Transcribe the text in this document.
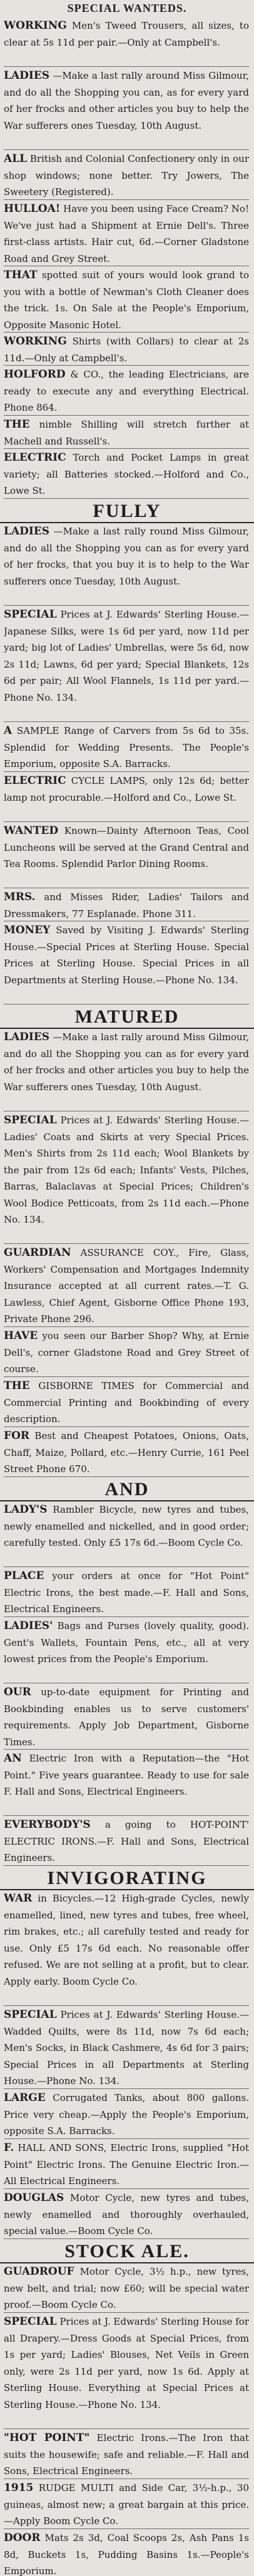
SPECIAL WANTEDS.

WORKING Men's Tweed Trousers, all sizes, to clear at 5s 11d per pair.—Only at Campbell's.

LADIES —Make a last rally around Miss Gilmour, and do all the Shopping you can, as for every yard of her frocks and other articles you buy to help the War sufferers ones Tuesday, 10th August.

ALL British and Colonial Confectionery only in our shop windows; none better. Try Jowers, The Sweetery (Registered).

HULLOA! Have you been using Face Cream? No! We've just had a Shipment at Ernie Dell's. Three first-class artists. Hair cut, 6d.—Corner Gladstone Road and Grey Street.

THAT spotted suit of yours would look grand to you with a bottle of Newman's Cloth Cleaner does the trick. 1s. On Sale at the People's Emporium, Opposite Masonic Hotel.

WORKING Shirts (with Collars) to clear at 2s 11d.—Only at Campbell's.

HOLFORD & CO., the leading Electricians, are ready to execute any and everything Electrical. Phone 864.

THE nimble Shilling will stretch further at Machell and Russell's.

ELECTRIC Torch and Pocket Lamps in great variety; all Batteries stocked.—Holford and Co., Lowe St.

FULLY

LADIES —Make a last rally round Miss Gilmour, and do all the Shopping you can as for every yard of her frocks, that you buy it is to help to the War sufferers once Tuesday, 10th August.

SPECIAL Prices at J. Edwards' Sterling House.—Japanese Silks, were 1s 6d per yard, now 11d per yard; big lot of Ladies' Umbrellas, were 5s 6d, now 2s 11d; Lawns, 6d per yard; Special Blankets, 12s 6d per pair; All Wool Flannels, 1s 11d per yard.—Phone No. 134.

A SAMPLE Range of Carvers from 5s 6d to 35s. Splendid for Wedding Presents. The People's Emporium, opposite S.A. Barracks.

ELECTRIC CYCLE LAMPS, only 12s 6d; better lamp not procurable.—Holford and Co., Lowe St.

WANTED Known—Dainty Afternoon Teas, Cool Luncheons will be served at the Grand Central and Tea Rooms. Splendid Parlor Dining Rooms.

MRS. and Misses Rider, Ladies' Tailors and Dressmakers, 77 Esplanade. Phone 311.

MONEY Saved by Visiting J. Edwards' Sterling House.—Special Prices at Sterling House. Special Prices at Sterling House. Special Prices in all Departments at Sterling House.—Phone No. 134.

MATURED

LADIES —Make a last rally around Miss Gilmour, and do all the Shopping you can as for every yard of her frocks and other articles you buy to help the War sufferers ones Tuesday, 10th August.

SPECIAL Prices at J. Edwards' Sterling House.—Ladies' Coats and Skirts at very Special Prices. Men's Shirts from 2s 11d each; Wool Blankets by the pair from 12s 6d each; Infants' Vests, Pilches, Barras, Balaclavas at Special Prices; Children's Wool Bodice Petticoats, from 2s 11d each.—Phone No. 134.

GUARDIAN ASSURANCE COY., Fire, Glass, Workers' Compensation and Mortgages Indemnity Insurance accepted at all current rates.—T. G. Lawless, Chief Agent, Gisborne Office Phone 193, Private Phone 296.

HAVE you seen our Barber Shop? Why, at Ernie Dell's, corner Gladstone Road and Grey Street of course.

THE GISBORNE TIMES for Commercial and Commercial Printing and Bookbinding of every description.

FOR Best and Cheapest Potatoes, Onions, Oats, Chaff, Maize, Pollard, etc.—Henry Currie, 161 Peel Street Phone 670.

AND

LADY'S Rambler Bicycle, new tyres and tubes, newly enamelled and nickelled, and in good order; carefully tested. Only £5 17s 6d.—Boom Cycle Co.

PLACE your orders at once for "Hot Point" Electric Irons, the best made.—F. Hall and Sons, Electrical Engineers.

LADIES' Bags and Purses (lovely quality, good). Gent's Wallets, Fountain Pens, etc., all at very lowest prices from the People's Emporium.

OUR up-to-date equipment for Printing and Bookbinding enables us to serve customers' requirements. Apply Job Department, Gisborne Times.

AN Electric Iron with a Reputation—the "Hot Point." Five years guarantee. Ready to use for sale F. Hall and Sons, Electrical Engineers.

EVERYBODY'S a going to HOT-POINT' ELECTRIC IRONS.—F. Hall and Sons, Electrical Engineers.

INVIGORATING

WAR in Bicycles.—12 High-grade Cycles, newly enamelled, lined, new tyres and tubes, free wheel, rim brakes, etc.; all carefully tested and ready for use. Only £5 17s 6d each. No reasonable offer refused. We are not selling at a profit, but to clear. Apply early. Boom Cycle Co.

SPECIAL Prices at J. Edwards' Sterling House.—Wadded Quilts, were 8s 11d, now 7s 6d each; Men's Socks, in Black Cashmere, 4s 6d for 3 pairs; Special Prices in all Departments at Sterling House.—Phone No. 134.

LARGE Corrugated Tanks, about 800 gallons. Price very cheap.—Apply the People's Emporium, opposite S.A. Barracks.

F. HALL AND SONS, Electric Irons, supplied "Hot Point" Electric Irons. The Genuine Electric Iron.—All Electrical Engineers.

DOUGLAS Motor Cycle, new tyres and tubes, newly enamelled and thoroughly overhauled, special value.—Boom Cycle Co.

STOCK ALE.

GUADROUF Motor Cycle, 3½ h.p., new tyres, new belt, and trial; now £60; will be special water proof.—Boom Cycle Co.

SPECIAL Prices at J. Edwards' Sterling House for all Drapery.—Dress Goods at Special Prices, from 1s per yard; Ladies' Blouses, Net Veils in Green only, were 2s 11d per yard, now 1s 6d. Apply at Sterling House. Everything at Special Prices at Sterling House.—Phone No. 134.

"HOT POINT" Electric Irons.—The Iron that suits the housewife; safe and reliable.—F. Hall and Sons, Electrical Engineers.

1915 RUDGE MULTI and Side Car, 3½-h.p., 30 guineas, almost new; a great bargain at this price.—Apply Boom Cycle Co.

DOOR Mats 2s 3d, Coal Scoops 2s, Ash Pans 1s 8d, Buckets 1s, Pudding Basins 1s.—People's Emporium.
